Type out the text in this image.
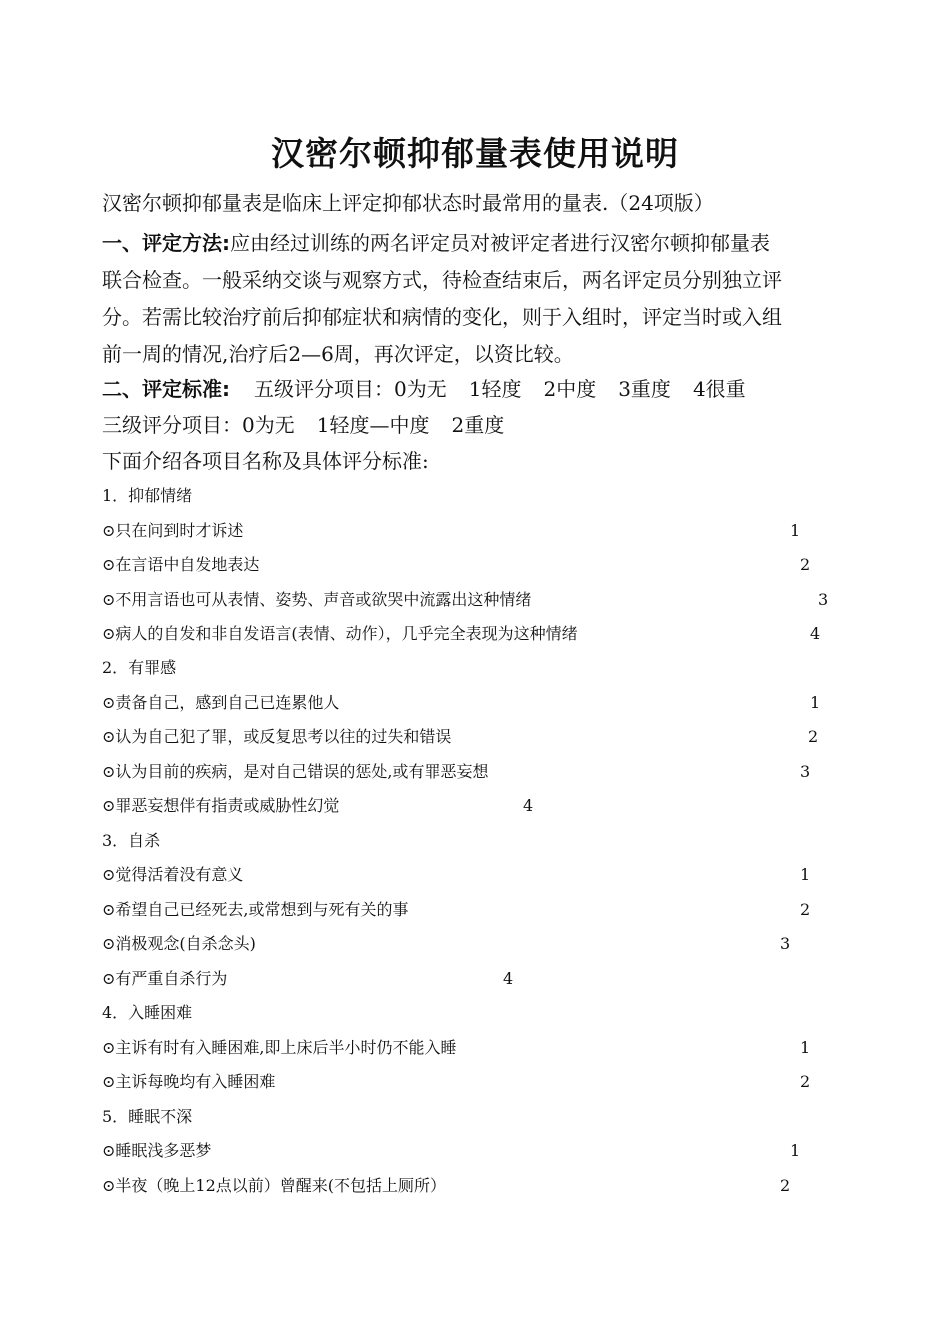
汉密尔顿抑郁量表使用说明
汉密尔顿抑郁量表是临床上评定抑郁状态时最常用的量表.（24项版）
一、评定方法:应由经过训练的两名评定员对被评定者进行汉密尔顿抑郁量表
联合检查。一般采纳交谈与观察方式，待检查结束后，两名评定员分别独立评
分。若需比较治疗前后抑郁症状和病情的变化，则于入组时，评定当时或入组
前一周的情况,治疗后2—6周，再次评定，以资比较。
二、评定标准: 五级评分项目：0为无 1轻度 2中度 3重度 4很重
三级评分项目：0为无 1轻度—中度 2重度
下面介绍各项目名称及具体评分标准:
1．抑郁情绪
⊙只在问到时才诉述	1
⊙在言语中自发地表达	2
⊙不用言语也可从表情、姿势、声音或欲哭中流露出这种情绪	3
⊙病人的自发和非自发语言(表情、动作），几乎完全表现为这种情绪	4
2．有罪感
⊙责备自己，感到自己已连累他人	1
⊙认为自己犯了罪，或反复思考以往的过失和错误	2
⊙认为目前的疾病，是对自己错误的惩处,或有罪恶妄想	3
⊙罪恶妄想伴有指责或威胁性幻觉	4
3．自杀
⊙觉得活着没有意义	1
⊙希望自己已经死去,或常想到与死有关的事	2
⊙消极观念(自杀念头)	3
⊙有严重自杀行为	4
4．入睡困难
⊙主诉有时有入睡困难,即上床后半小时仍不能入睡	1
⊙主诉每晚均有入睡困难	2
5．睡眠不深
⊙睡眠浅多恶梦	1
⊙半夜（晚上12点以前）曾醒来(不包括上厕所）	2
